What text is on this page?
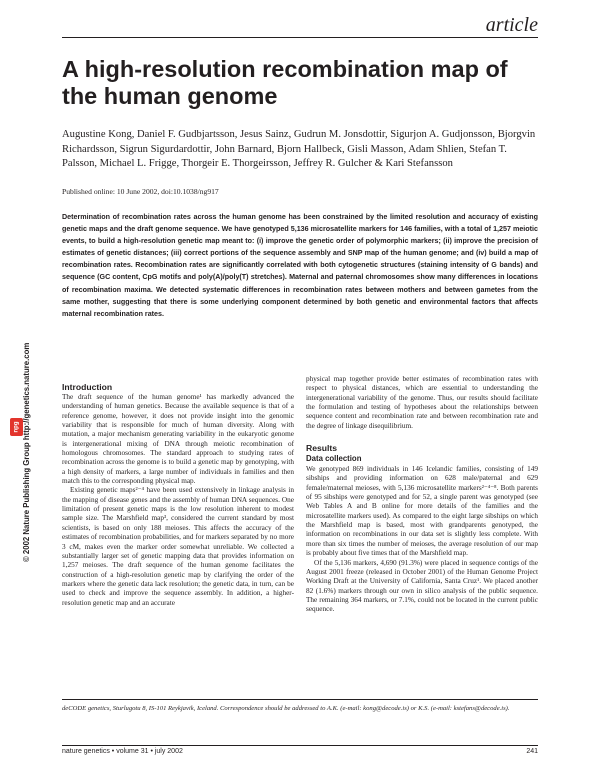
article
A high-resolution recombination map of the human genome

Augustine Kong, Daniel F. Gudbjartsson, Jesus Sainz, Gudrun M. Jonsdottir, Sigurjon A. Gudjonsson, Bjorgvin Richardsson, Sigrun Sigurdardottir, John Barnard, Bjorn Hallbeck, Gisli Masson, Adam Shlien, Stefan T. Palsson, Michael L. Frigge, Thorgeir E. Thorgeirsson, Jeffrey R. Gulcher & Kari Stefansson

Published online: 10 June 2002, doi:10.1038/ng917

Determination of recombination rates across the human genome has been constrained by the limited resolution and accuracy of existing genetic maps and the draft genome sequence. We have genotyped 5,136 microsatellite markers for 146 families, with a total of 1,257 meiotic events, to build a high-resolution genetic map meant to: (i) improve the genetic order of polymorphic markers; (ii) improve the precision of estimates of genetic distances; (iii) correct portions of the sequence assembly and SNP map of the human genome; and (iv) build a map of recombination rates. Recombination rates are significantly correlated with both cytogenetic structures (staining intensity of G bands) and sequence (GC content, CpG motifs and poly(A)/poly(T) stretches). Maternal and paternal chromosomes show many differences in locations of recombination maxima. We detected systematic differences in recombination rates between mothers and between gametes from the same mother, suggesting that there is some underlying component determined by both genetic and environmental factors that affects maternal recombination rates.

npg © 2002 Nature Publishing Group http://genetics.nature.com	Introduction

The draft sequence of the human genome¹ has markedly advanced the understanding of human genetics. Because the available sequence is that of a reference genome, however, it does not provide insight into the genomic variability that is responsible for much of human diversity. Along with mutation, a major mechanism generating variability in the eukaryotic genome is intergenerational mixing of DNA through meiotic recombination of homologous chromosomes. The standard approach to studying rates of recombination across the genome is to build a genetic map by genotyping, with a high density of markers, a large number of individuals in families and then match this to the corresponding physical map.

Existing genetic maps²⁻⁴ have been used extensively in linkage analysis in the mapping of disease genes and the assembly of human DNA sequences. One limitation of present genetic maps is the low resolution inherent to modest sample size. The Marshfield map³, considered the current standard by most scientists, is based on only 188 meioses. This affects the accuracy of the estimates of recombination probabilities, and for markers separated by no more 3 cM, makes even the marker order somewhat unreliable. We collected a substantially larger set of genetic mapping data that provides information on 1,257 meioses. The draft sequence of the human genome facilitates the construction of a high-resolution genetic map by clarifying the order of the markers where the genetic data lack resolution; the genetic data, in turn, can be used to check and improve the sequence assembly. In addition, a higher-resolution genetic map and an accurate

physical map together provide better estimates of recombination rates with respect to physical distances, which are essential to understanding the intergenerational variability of the genome. Thus, our results should facilitate the formulation and testing of hypotheses about the relationships between sequence content and recombination rate and between recombination rate and the degree of linkage disequilibrium.

Results
Data collection

We genotyped 869 individuals in 146 Icelandic families, consisting of 149 sibships and providing information on 628 male/paternal and 629 female/maternal meioses, with 5,136 microsatellite markers²⁻⁴⁻⁸. Both parents of 95 sibships were genotyped and for 52, a single parent was genotyped (see Web Tables A and B online for more details of the families and the microsatellite markers used). As compared to the eight large sibships on which the Marshfield map is based, most with grandparents genotyped, the information on recombinations in our data set is slightly less complete. With more than six times the number of meioses, the average resolution of our map is probably about five times that of the Marshfield map.

Of the 5,136 markers, 4,690 (91.3%) were placed in sequence contigs of the August 2001 freeze (released in October 2001) of the Human Genome Project Working Draft at the University of California, Santa Cruz¹. We placed another 82 (1.6%) markers through our own in silico analysis of the public sequence. The remaining 364 markers, or 7.1%, could not be located in the current public sequence.

deCODE genetics, Sturlugotu 8, IS-101 Reykjavik, Iceland. Correspondence should be addressed to A.K. (e-mail: kong@decode.is) or K.S. (e-mail: kstefans@decode.is).

nature genetics • volume 31 • july 2002	241
